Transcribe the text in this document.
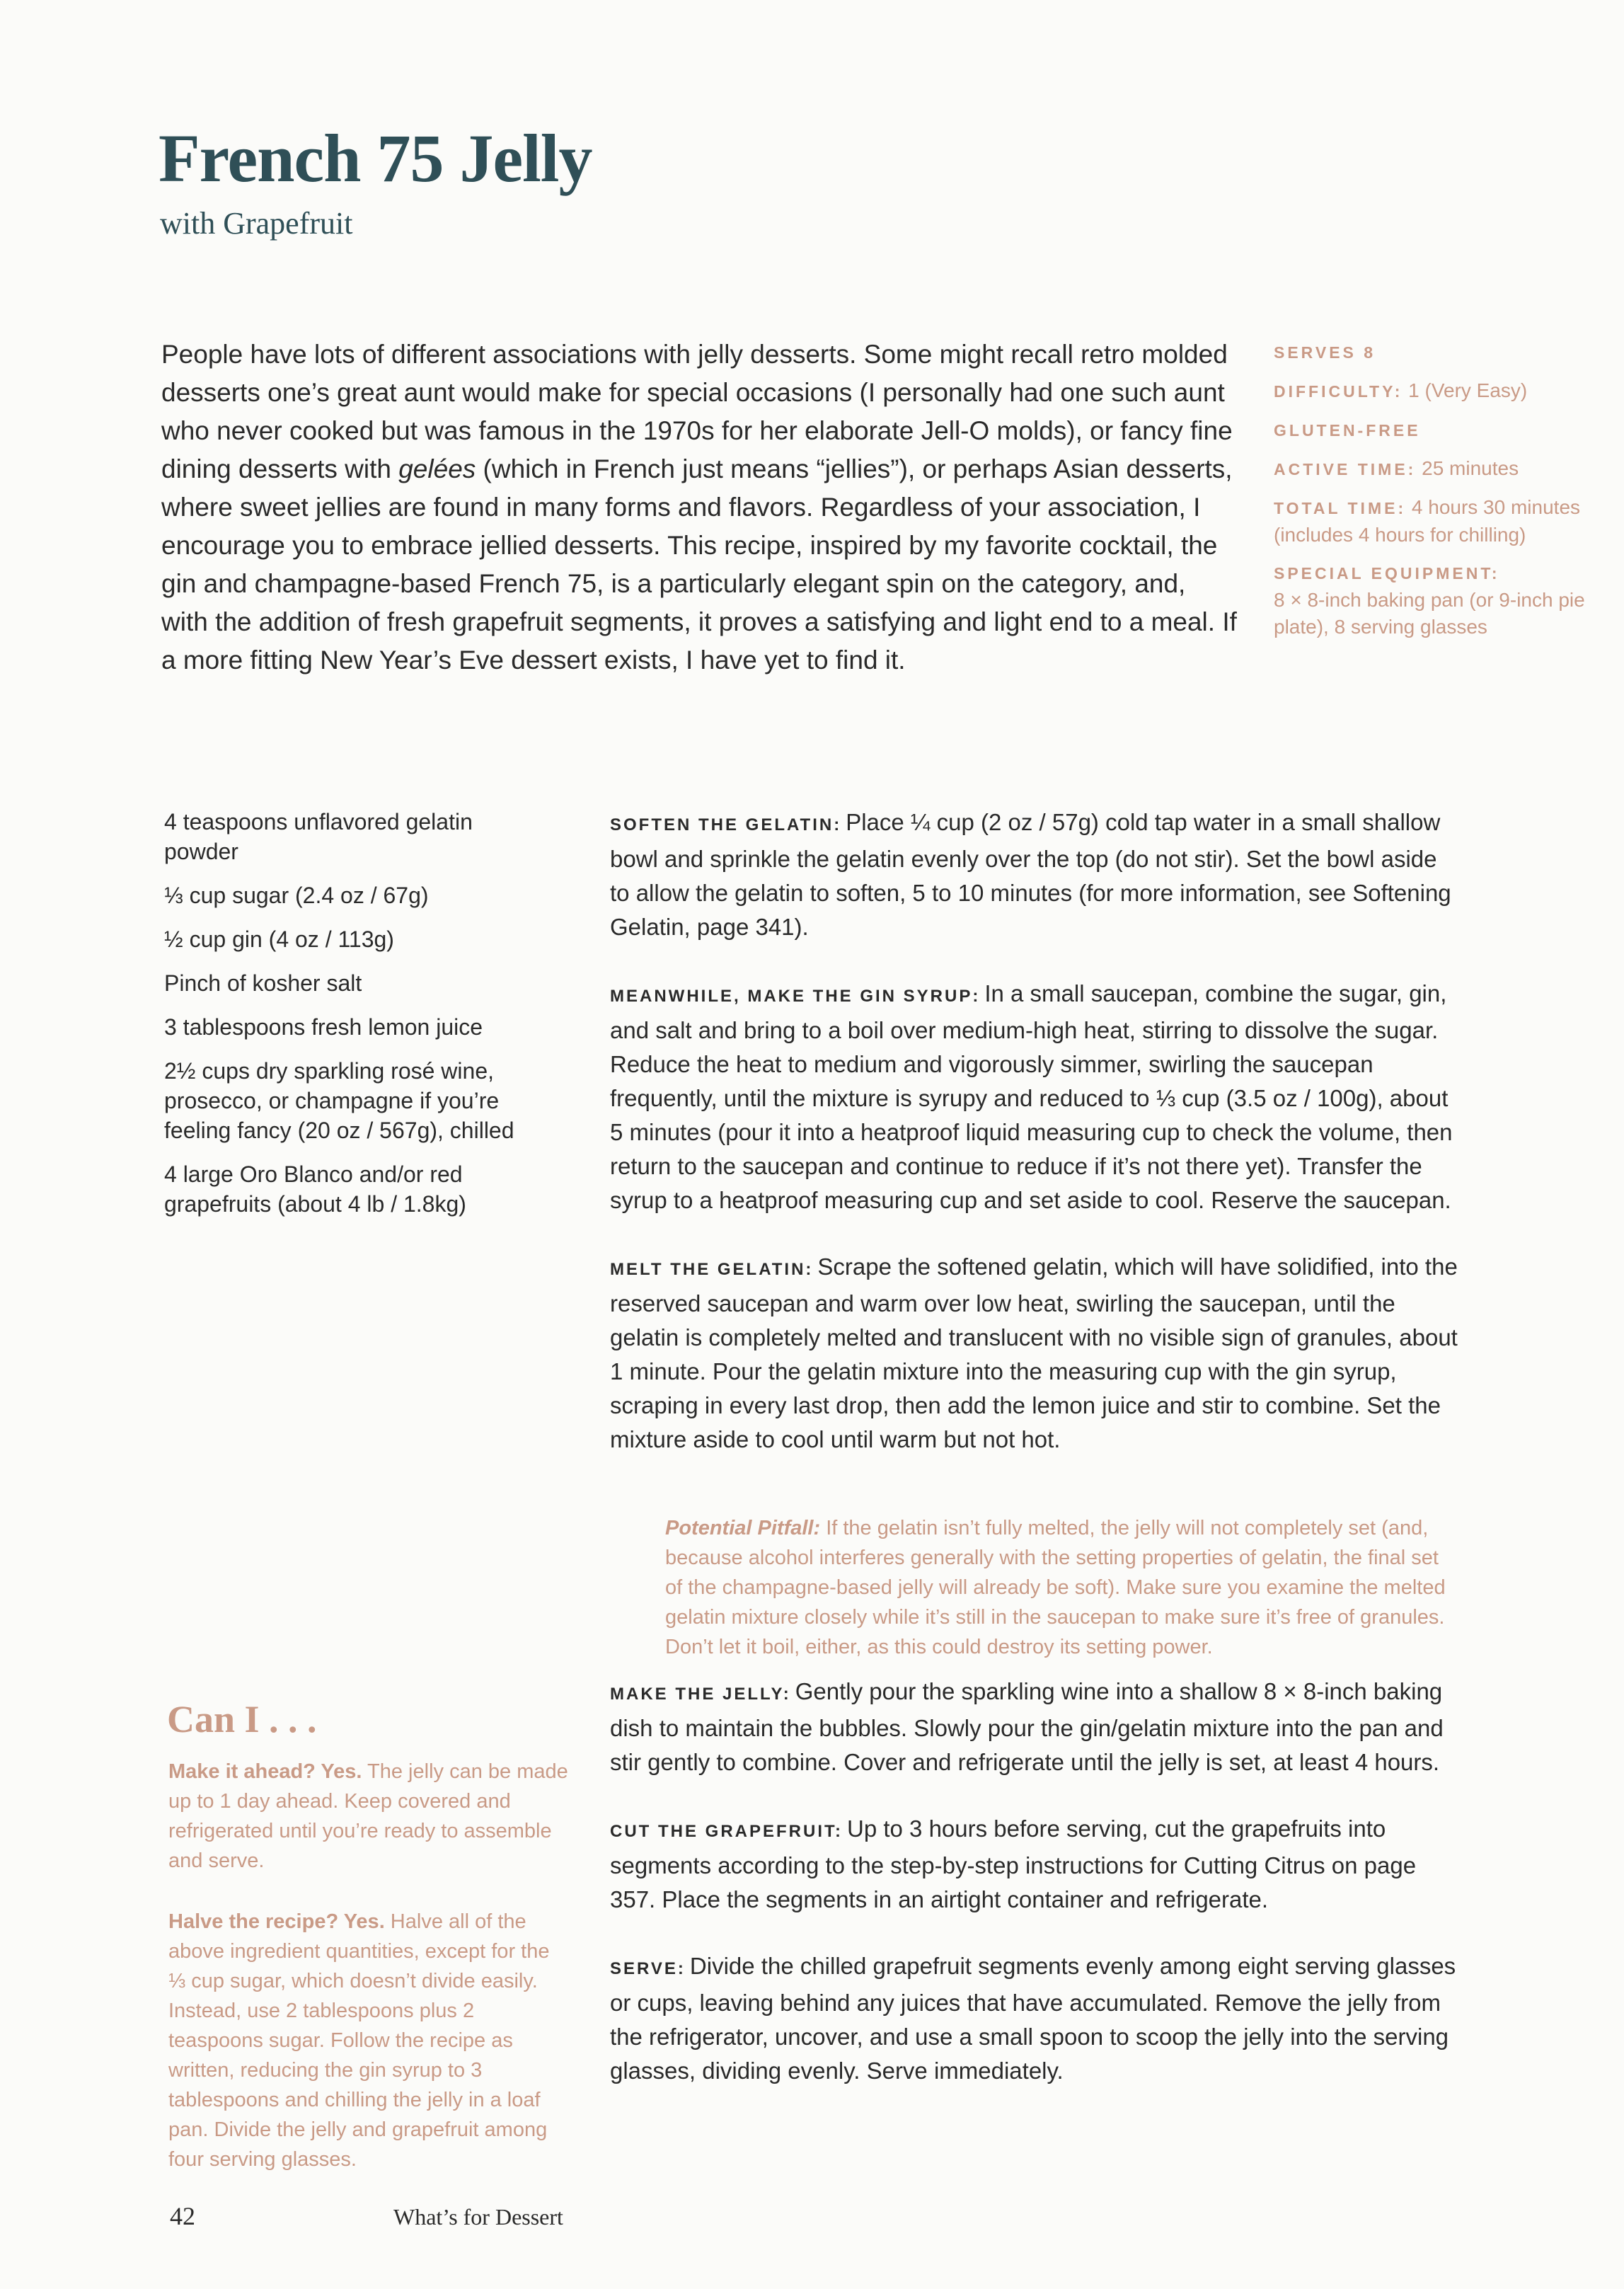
French 75 Jelly
with Grapefruit
People have lots of different associations with jelly desserts. Some might recall retro molded desserts one’s great aunt would make for special occasions (I personally had one such aunt who never cooked but was famous in the 1970s for her elaborate Jell-O molds), or fancy fine dining desserts with gelées (which in French just means “jellies”), or perhaps Asian desserts, where sweet jellies are found in many forms and flavors. Regardless of your association, I encourage you to embrace jellied desserts. This recipe, inspired by my favorite cocktail, the gin and champagne-based French 75, is a particularly elegant spin on the category, and, with the addition of fresh grapefruit segments, it proves a satisfying and light end to a meal. If a more fitting New Year’s Eve dessert exists, I have yet to find it.
SERVES 8
DIFFICULTY: 1 (Very Easy)
GLUTEN-FREE
ACTIVE TIME: 25 minutes
TOTAL TIME: 4 hours 30 minutes (includes 4 hours for chilling)
SPECIAL EQUIPMENT:
8 × 8-inch baking pan (or 9-inch pie plate), 8 serving glasses
4 teaspoons unflavored gelatin powder
⅓ cup sugar (2.4 oz / 67g)
½ cup gin (4 oz / 113g)
Pinch of kosher salt
3 tablespoons fresh lemon juice
2½ cups dry sparkling rosé wine, prosecco, or champagne if you’re feeling fancy (20 oz / 567g), chilled
4 large Oro Blanco and/or red grapefruits (about 4 lb / 1.8kg)
SOFTEN THE GELATIN: Place ¼ cup (2 oz / 57g) cold tap water in a small shallow bowl and sprinkle the gelatin evenly over the top (do not stir). Set the bowl aside to allow the gelatin to soften, 5 to 10 minutes (for more information, see Softening Gelatin, page 341).
MEANWHILE, MAKE THE GIN SYRUP: In a small saucepan, combine the sugar, gin, and salt and bring to a boil over medium-high heat, stirring to dissolve the sugar. Reduce the heat to medium and vigorously simmer, swirling the saucepan frequently, until the mixture is syrupy and reduced to ⅓ cup (3.5 oz / 100g), about 5 minutes (pour it into a heatproof liquid measuring cup to check the volume, then return to the saucepan and continue to reduce if it’s not there yet). Transfer the syrup to a heatproof measuring cup and set aside to cool. Reserve the saucepan.
MELT THE GELATIN: Scrape the softened gelatin, which will have solidified, into the reserved saucepan and warm over low heat, swirling the saucepan, until the gelatin is completely melted and translucent with no visible sign of granules, about 1 minute. Pour the gelatin mixture into the measuring cup with the gin syrup, scraping in every last drop, then add the lemon juice and stir to combine. Set the mixture aside to cool until warm but not hot.
MAKE THE JELLY: Gently pour the sparkling wine into a shallow 8 × 8-inch baking dish to maintain the bubbles. Slowly pour the gin/gelatin mixture into the pan and stir gently to combine. Cover and refrigerate until the jelly is set, at least 4 hours.
CUT THE GRAPEFRUIT: Up to 3 hours before serving, cut the grapefruits into segments according to the step-by-step instructions for Cutting Citrus on page 357. Place the segments in an airtight container and refrigerate.
SERVE: Divide the chilled grapefruit segments evenly among eight serving glasses or cups, leaving behind any juices that have accumulated. Remove the jelly from the refrigerator, uncover, and use a small spoon to scoop the jelly into the serving glasses, dividing evenly. Serve immediately.
Potential Pitfall: If the gelatin isn’t fully melted, the jelly will not completely set (and, because alcohol interferes generally with the setting properties of gelatin, the final set of the champagne-based jelly will already be soft). Make sure you examine the melted gelatin mixture closely while it’s still in the saucepan to make sure it’s free of granules. Don’t let it boil, either, as this could destroy its setting power.
Can I . . .
Make it ahead? Yes. The jelly can be made up to 1 day ahead. Keep covered and refrigerated until you’re ready to assemble and serve.
Halve the recipe? Yes. Halve all of the above ingredient quantities, except for the ⅓ cup sugar, which doesn’t divide easily. Instead, use 2 tablespoons plus 2 teaspoons sugar. Follow the recipe as written, reducing the gin syrup to 3 tablespoons and chilling the jelly in a loaf pan. Divide the jelly and grapefruit among four serving glasses.
42	What’s for Dessert
